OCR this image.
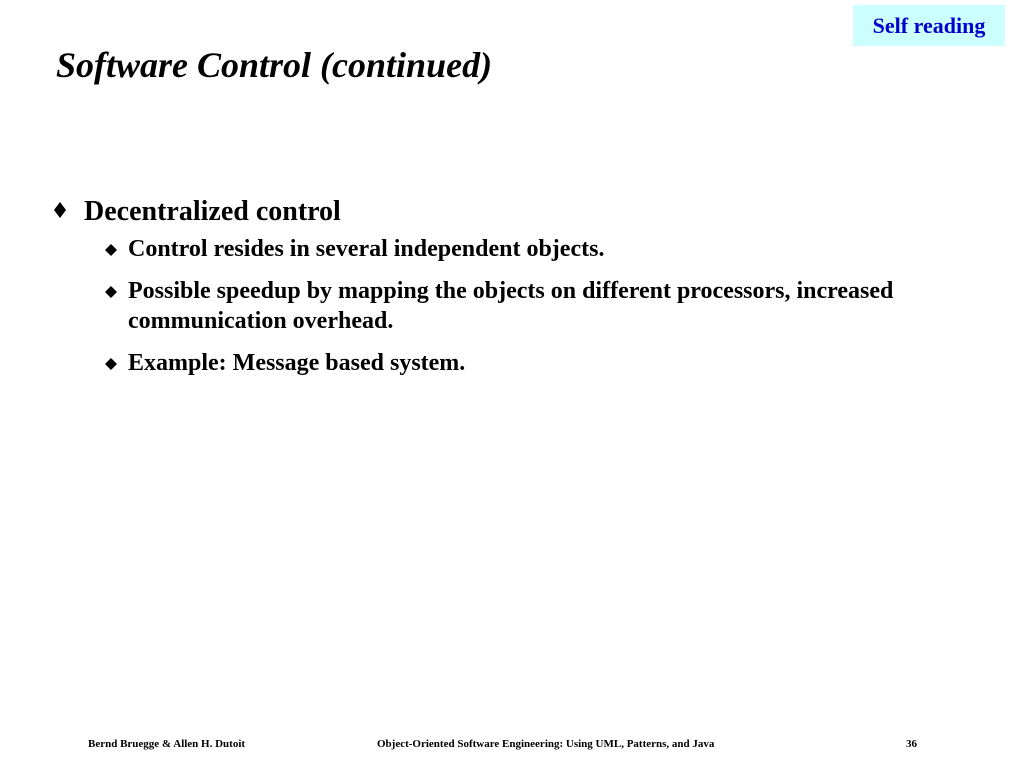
Self reading
Software Control (continued)
Decentralized control
Control resides in several independent objects.
Possible speedup by mapping the objects on different processors, increased communication overhead.
Example: Message based system.
Bernd Bruegge & Allen H. Dutoit	Object-Oriented Software Engineering: Using UML, Patterns, and Java	36
